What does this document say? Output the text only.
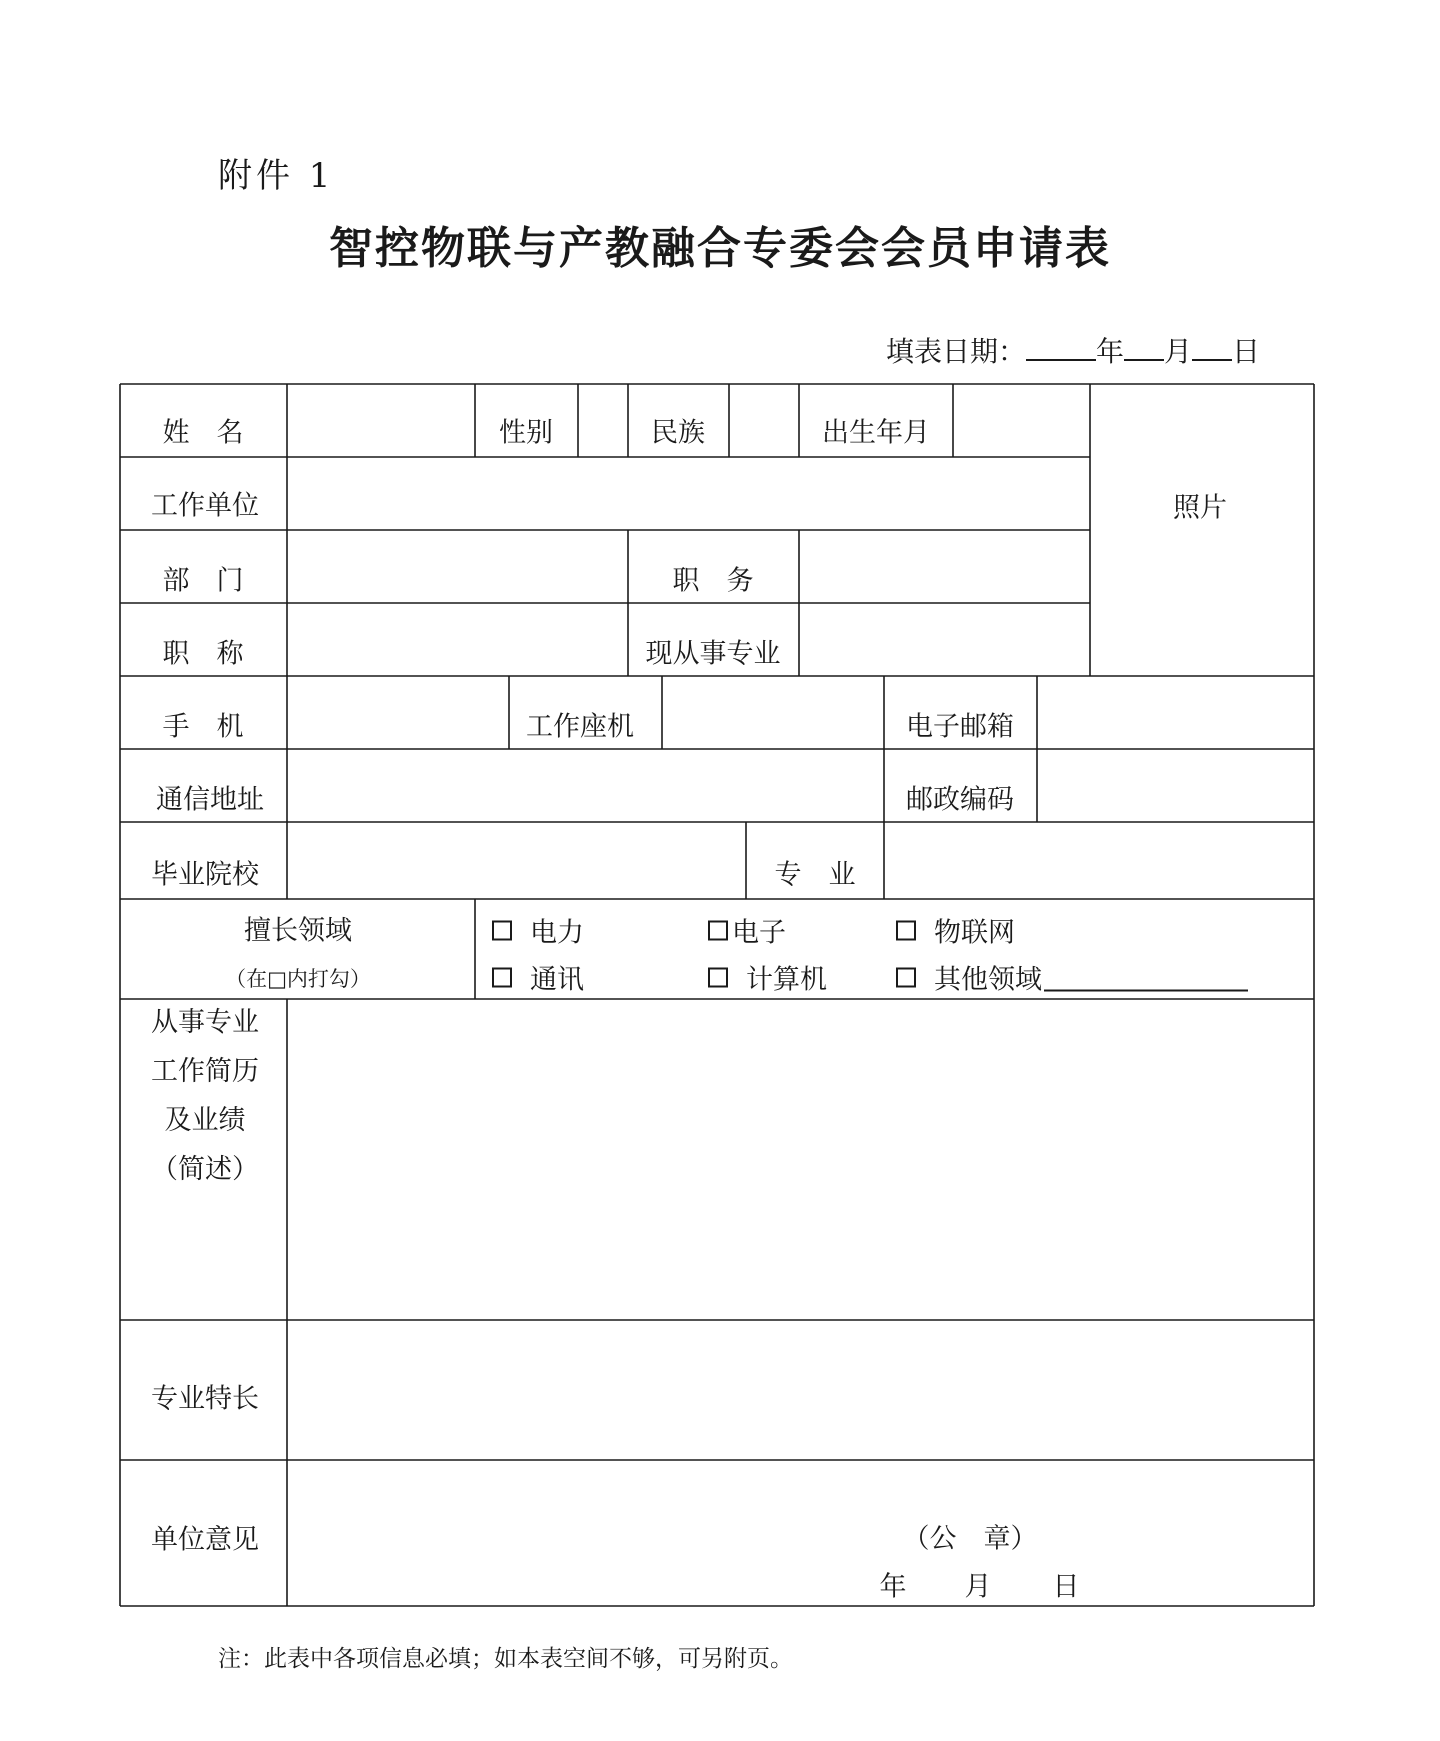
附件 1
智控物联与产教融合专委会会员申请表
填表日期：	年 月 日
姓　名	性别	民族	出生年月
照片
工作单位
部　门	职　务
职　称	现从事专业
手　机	工作座机	电子邮箱
通信地址	邮政编码
毕业院校	专　业
擅长领域
（在□内打勾）
电力	电子	物联网
通讯	计算机	其他领域
从事专业
工作简历
及业绩
（简述）
专业特长
单位意见	（公　章）
年 月 日
注：此表中各项信息必填；如本表空间不够，可另附页。
